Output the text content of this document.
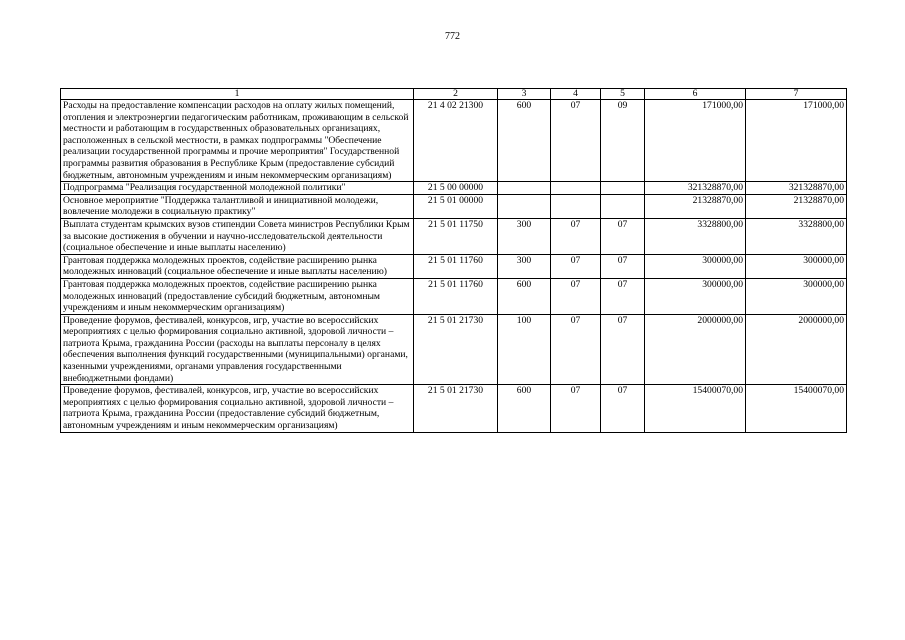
772
1	2	3	4	5	6	7
Расходы на предоставление компенсации расходов на оплату жилых помещений, отопления и электроэнергии педагогическим работникам, проживающим в сельской местности и работающим в государственных образовательных организациях, расположенных в сельской местности, в рамках подпрограммы "Обеспечение реализации государственной программы и прочие мероприятия" Государственной программы развития образования в Республике Крым (предоставление субсидий бюджетным, автономным учреждениям и иным некоммерческим организациям)	21 4 02 21300	600	07	09	171000,00	171000,00
Подпрограмма "Реализация государственной молодежной политики"	21 5 00 00000				321328870,00	321328870,00
Основное мероприятие "Поддержка талантливой и инициативной молодежи, вовлечение молодежи в социальную практику"	21 5 01 00000				21328870,00	21328870,00
Выплата студентам крымских вузов стипендии Совета министров Республики Крым за высокие достижения в обучении и научно-исследовательской деятельности (социальное обеспечение и иные выплаты населению)	21 5 01 11750	300	07	07	3328800,00	3328800,00
Грантовая поддержка молодежных проектов, содействие расширению рынка молодежных инноваций (социальное обеспечение и иные выплаты населению)	21 5 01 11760	300	07	07	300000,00	300000,00
Грантовая поддержка молодежных проектов, содействие расширению рынка молодежных инноваций (предоставление субсидий бюджетным, автономным учреждениям и иным некоммерческим организациям)	21 5 01 11760	600	07	07	300000,00	300000,00
Проведение форумов, фестивалей, конкурсов, игр, участие во всероссийских мероприятиях с целью формирования социально активной, здоровой личности – патриота Крыма, гражданина России (расходы на выплаты персоналу в целях обеспечения выполнения функций государственными (муниципальными) органами, казенными учреждениями, органами управления государственными внебюджетными фондами)	21 5 01 21730	100	07	07	2000000,00	2000000,00
Проведение форумов, фестивалей, конкурсов, игр, участие во всероссийских мероприятиях с целью формирования социально активной, здоровой личности – патриота Крыма, гражданина России (предоставление субсидий бюджетным, автономным учреждениям и иным некоммерческим организациям)	21 5 01 21730	600	07	07	15400070,00	15400070,00
